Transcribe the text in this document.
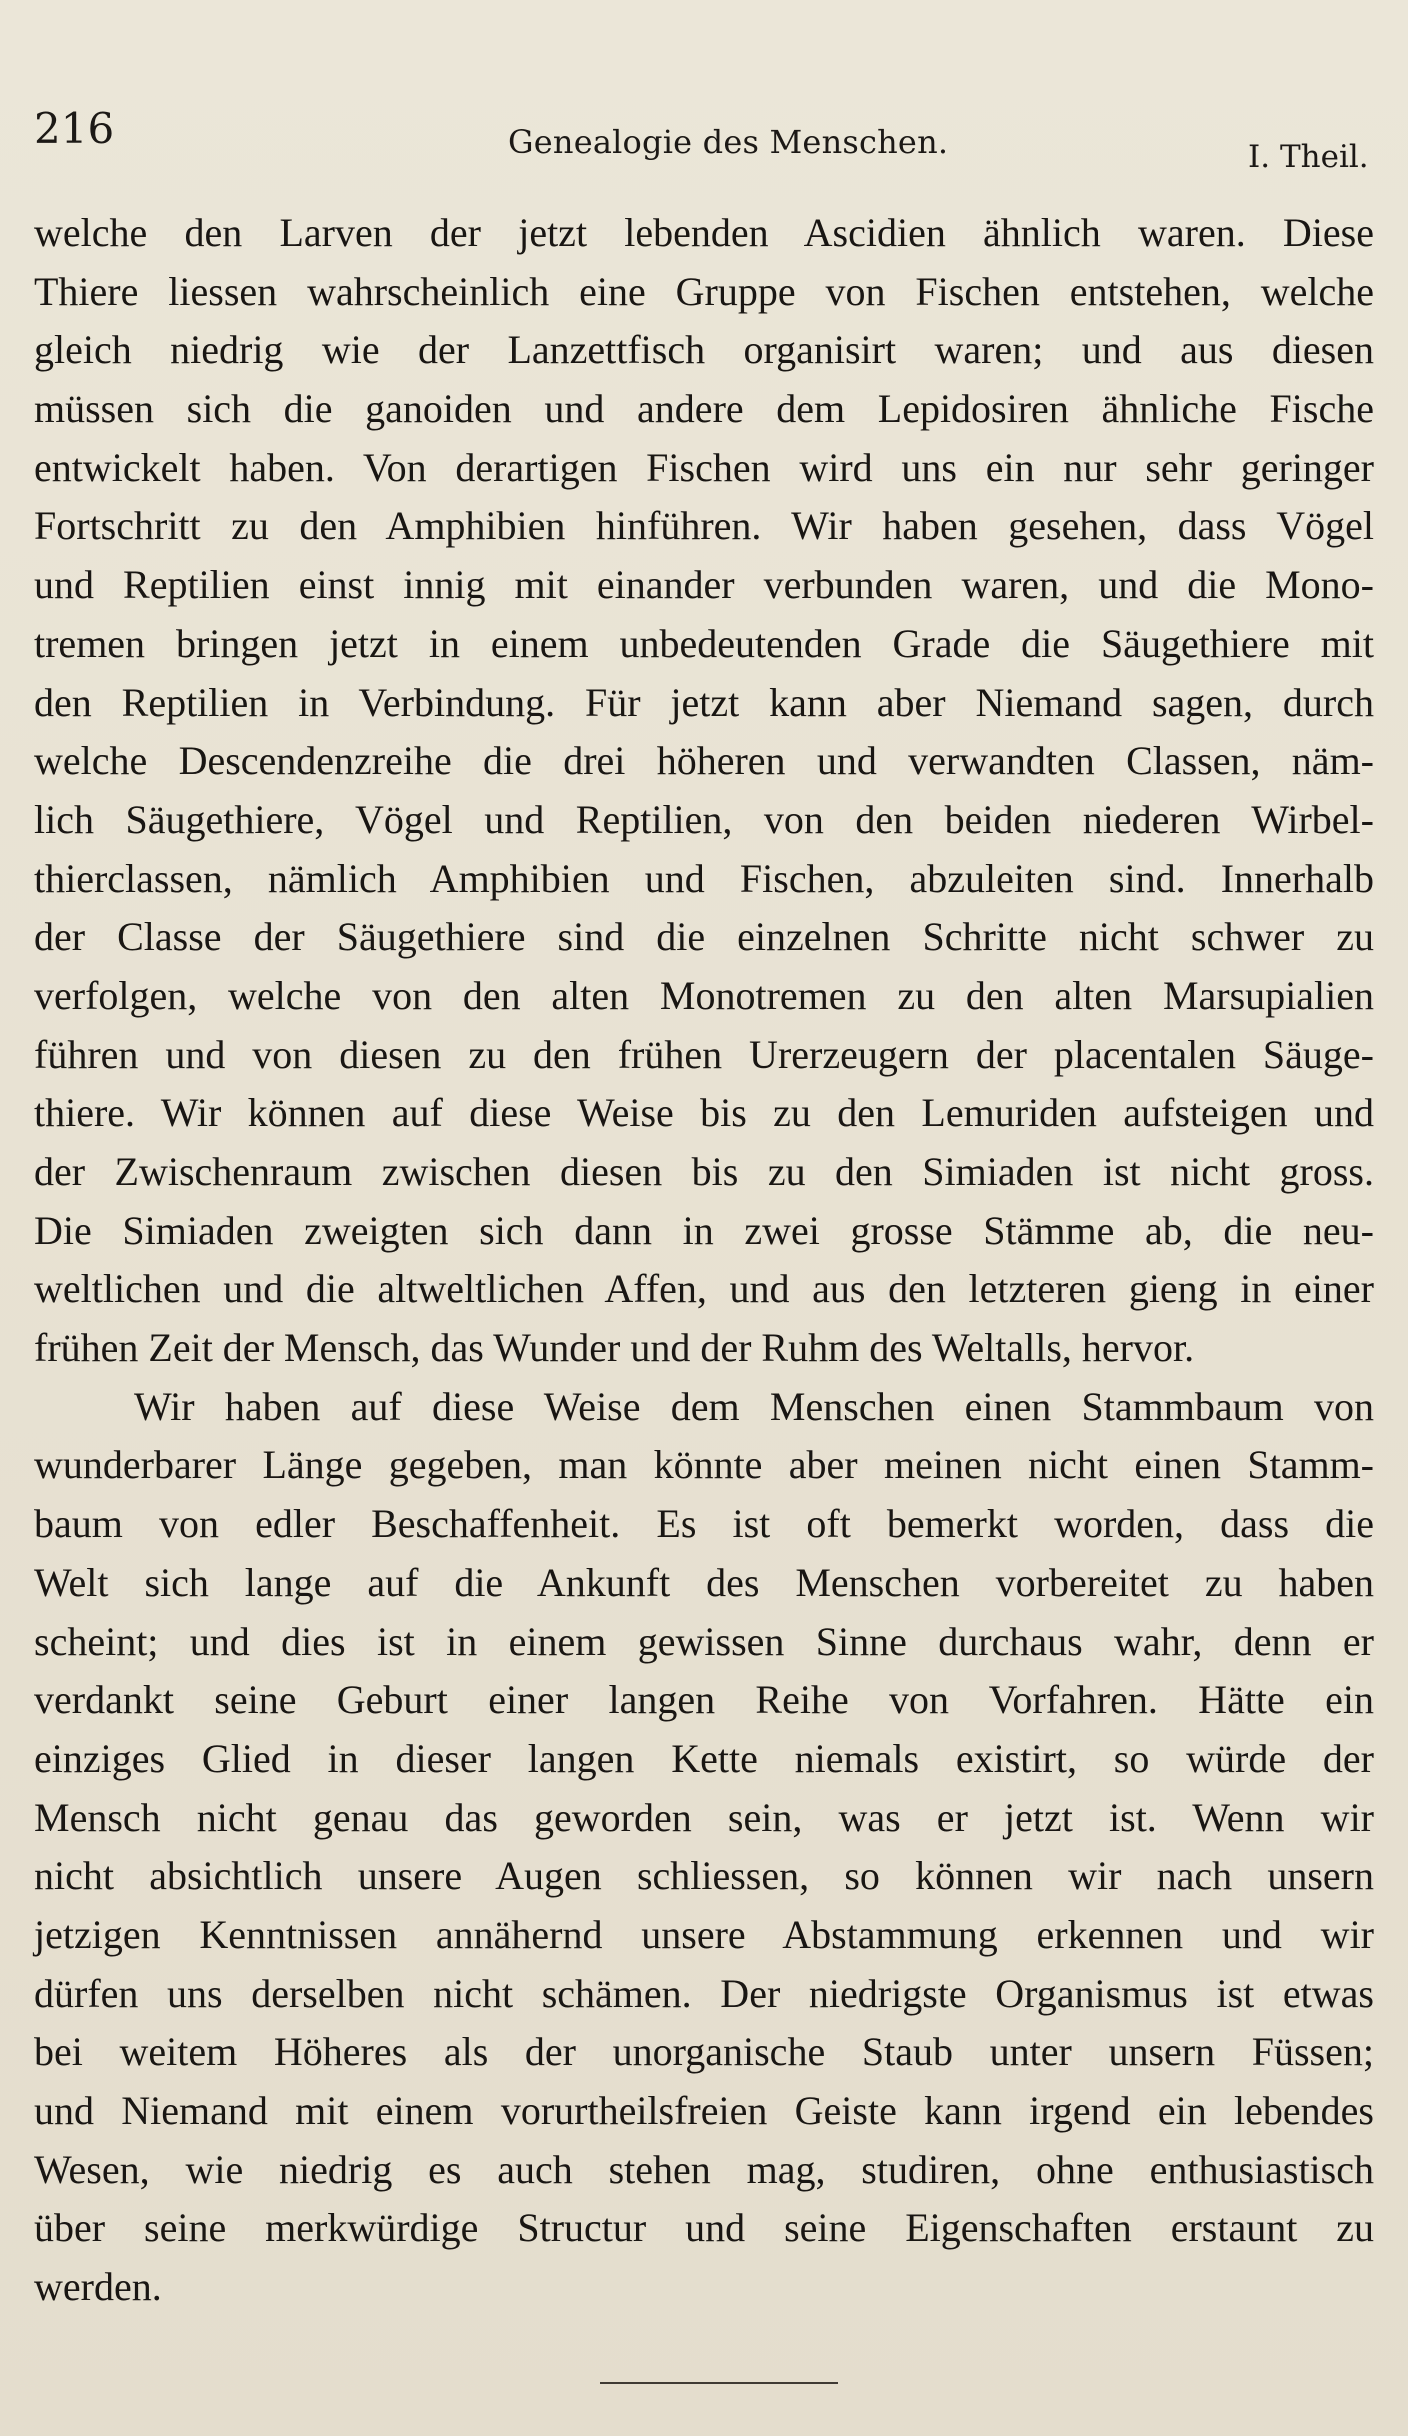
216	Genealogie des Menschen.	I. Theil.
welche den Larven der jetzt lebenden Ascidien ähnlich waren. Diese
Thiere liessen wahrscheinlich eine Gruppe von Fischen entstehen, welche
gleich niedrig wie der Lanzettfisch organisirt waren; und aus diesen
müssen sich die ganoiden und andere dem Lepidosiren ähnliche Fische
entwickelt haben. Von derartigen Fischen wird uns ein nur sehr geringer
Fortschritt zu den Amphibien hinführen. Wir haben gesehen, dass Vögel
und Reptilien einst innig mit einander verbunden waren, und die Mono-
tremen bringen jetzt in einem unbedeutenden Grade die Säugethiere mit
den Reptilien in Verbindung. Für jetzt kann aber Niemand sagen, durch
welche Descendenzreihe die drei höheren und verwandten Classen, näm-
lich Säugethiere, Vögel und Reptilien, von den beiden niederen Wirbel-
thierclassen, nämlich Amphibien und Fischen, abzuleiten sind. Innerhalb
der Classe der Säugethiere sind die einzelnen Schritte nicht schwer zu
verfolgen, welche von den alten Monotremen zu den alten Marsupialien
führen und von diesen zu den frühen Urerzeugern der placentalen Säuge-
thiere. Wir können auf diese Weise bis zu den Lemuriden aufsteigen und
der Zwischenraum zwischen diesen bis zu den Simiaden ist nicht gross.
Die Simiaden zweigten sich dann in zwei grosse Stämme ab, die neu-
weltlichen und die altweltlichen Affen, und aus den letzteren gieng in einer
frühen Zeit der Mensch, das Wunder und der Ruhm des Weltalls, hervor.
Wir haben auf diese Weise dem Menschen einen Stammbaum von
wunderbarer Länge gegeben, man könnte aber meinen nicht einen Stamm-
baum von edler Beschaffenheit. Es ist oft bemerkt worden, dass die
Welt sich lange auf die Ankunft des Menschen vorbereitet zu haben
scheint; und dies ist in einem gewissen Sinne durchaus wahr, denn er
verdankt seine Geburt einer langen Reihe von Vorfahren. Hätte ein
einziges Glied in dieser langen Kette niemals existirt, so würde der
Mensch nicht genau das geworden sein, was er jetzt ist. Wenn wir
nicht absichtlich unsere Augen schliessen, so können wir nach unsern
jetzigen Kenntnissen annähernd unsere Abstammung erkennen und wir
dürfen uns derselben nicht schämen. Der niedrigste Organismus ist etwas
bei weitem Höheres als der unorganische Staub unter unsern Füssen;
und Niemand mit einem vorurtheilsfreien Geiste kann irgend ein lebendes
Wesen, wie niedrig es auch stehen mag, studiren, ohne enthusiastisch
über seine merkwürdige Structur und seine Eigenschaften erstaunt zu
werden.
